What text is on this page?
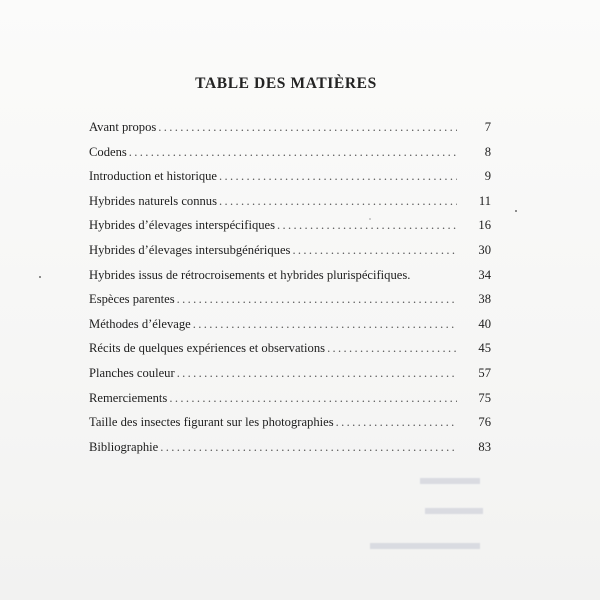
TABLE DES MATIÈRES
Avant propos . . .	7
Codens . . .	8
Introduction et historique . . .	9
Hybrides naturels connus . . .	11
Hybrides d’élevages interspécifiques . . .	16
Hybrides d’élevages intersubgénériques . . .	30
Hybrides issus de rétrocroisements et hybrides plurispécifiques.	34
Espèces parentes . . .	38
Méthodes d’élevage . . .	40
Récits de quelques expériences et observations . . .	45
Planches couleur . . .	57
Remerciements . . .	75
Taille des insectes figurant sur les photographies . . .	76
Bibliographie . . .	83
